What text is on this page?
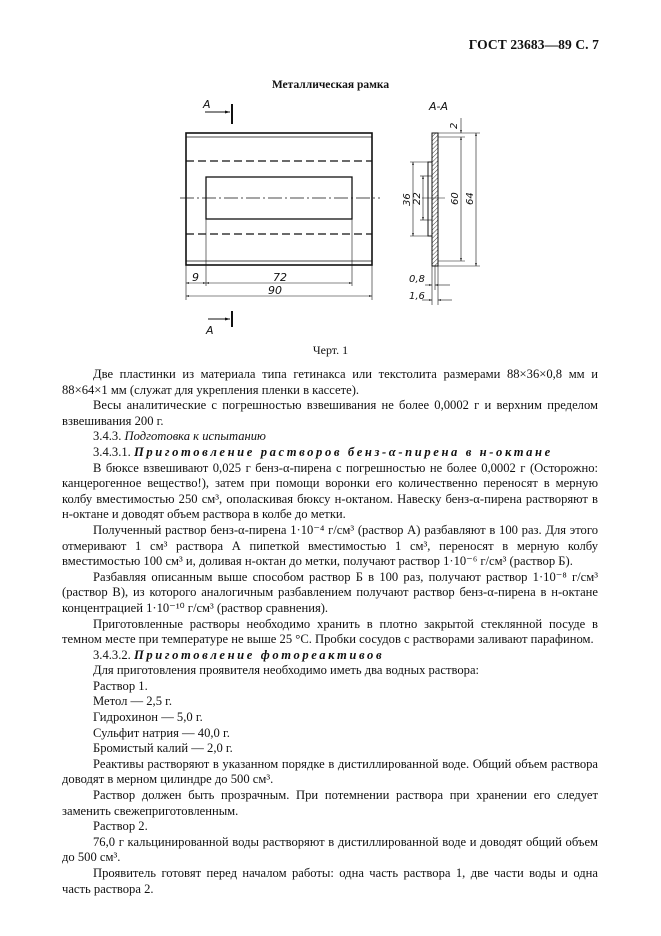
ГОСТ 23683—89 С. 7
Металлическая рамка
A
9	72
90
A
A-A
2
60 64
36 22
0,8
1,6
Черт. 1

Две пластинки из материала типа гетинакса или текстолита размерами 88×36×0,8 мм и 88×64×1 мм (служат для укрепления пленки в кассете).

Весы аналитические с погрешностью взвешивания не более 0,0002 г и верхним пределом взвешивания 200 г.

3.4.3. Подготовка к испытанию

3.4.3.1. Приготовление растворов бенз-α-пирена в н-октане

В бюксе взвешивают 0,025 г бенз-α-пирена с погрешностью не более 0,0002 г (Осторожно: канцерогенное вещество!), затем при помощи воронки его количественно переносят в мерную колбу вместимостью 250 см³, ополаскивая бюксу н-октаном. Навеску бенз-α-пирена растворяют в н-октане и доводят объем раствора в колбе до метки.

Полученный раствор бенз-α-пирена 1·10⁻⁴ г/см³ (раствор А) разбавляют в 100 раз. Для этого отмеривают 1 см³ раствора А пипеткой вместимостью 1 см³, переносят в мерную колбу вместимостью 100 см³ и, доливая н-октан до метки, получают раствор 1·10⁻⁶ г/см³ (раствор Б).

Разбавляя описанным выше способом раствор Б в 100 раз, получают раствор 1·10⁻⁸ г/см³ (раствор В), из которого аналогичным разбавлением получают раствор бенз-α-пирена в н-октане концентрацией 1·10⁻¹⁰ г/см³ (раствор сравнения).

Приготовленные растворы необходимо хранить в плотно закрытой стеклянной посуде в темном месте при температуре не выше 25 °С. Пробки сосудов с растворами заливают парафином.

3.4.3.2. Приготовление фотореактивов

Для приготовления проявителя необходимо иметь два водных раствора:

Раствор 1.

Метол — 2,5 г.

Гидрохинон — 5,0 г.

Сульфит натрия — 40,0 г.

Бромистый калий — 2,0 г.

Реактивы растворяют в указанном порядке в дистиллированной воде. Общий объем раствора доводят в мерном цилиндре до 500 см³.

Раствор должен быть прозрачным. При потемнении раствора при хранении его следует заменить свежеприготовленным.

Раствор 2.

76,0 г кальцинированной воды растворяют в дистиллированной воде и доводят общий объем до 500 см³.

Проявитель готовят перед началом работы: одна часть раствора 1, две части воды и одна часть раствора 2.
